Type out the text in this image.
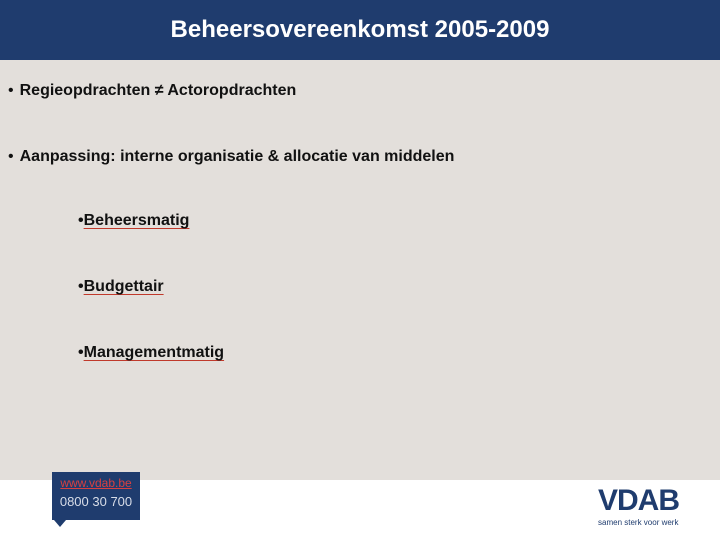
Beheersovereenkomst 2005-2009
• Regieopdrachten ≠ Actoropdrachten
• Aanpassing: interne organisatie & allocatie van middelen
•Beheersmatig
•Budgettair
•Managementmatig
www.vdab.be
0800 30 700	VDAB
samen sterk voor werk
